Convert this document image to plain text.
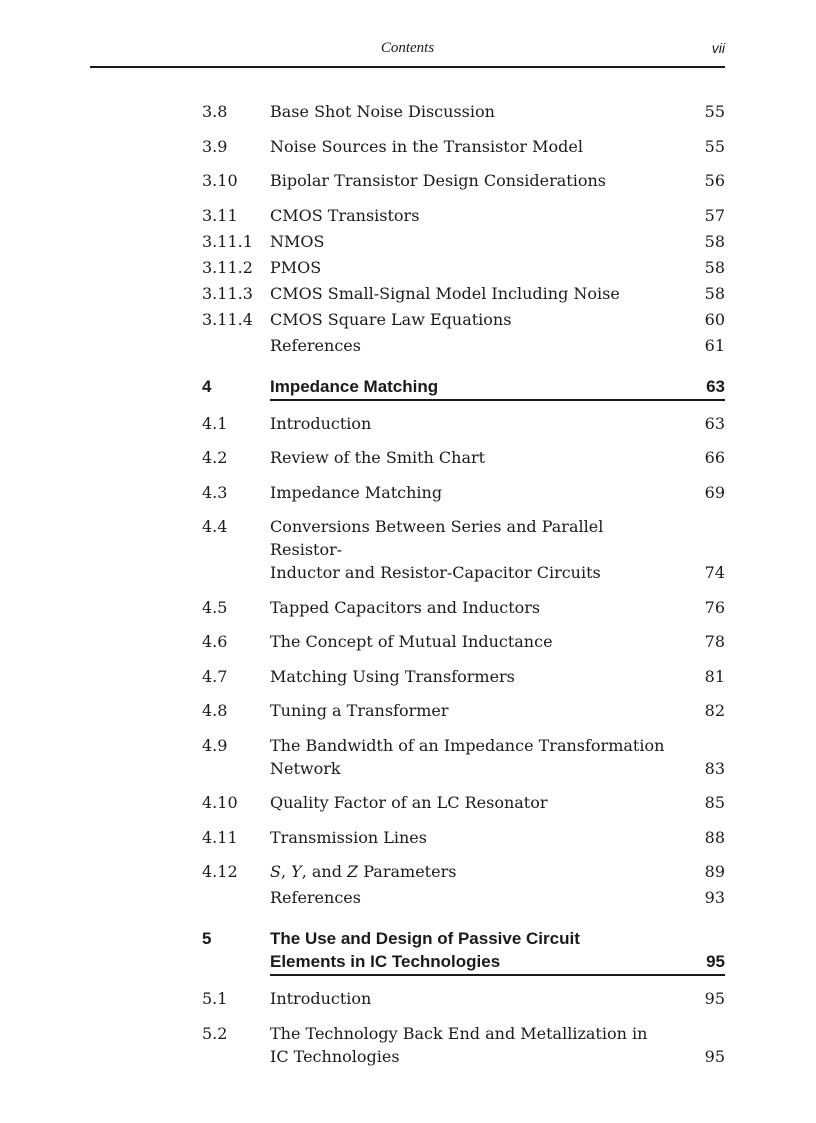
Contents	vii
3.8	Base Shot Noise Discussion	55
3.9	Noise Sources in the Transistor Model	55
3.10 Bipolar Transistor Design Considerations	56
3.11 CMOS Transistors	57
3.11.1 NMOS	58
3.11.2 PMOS	58
3.11.3 CMOS Small-Signal Model Including Noise	58
3.11.4 CMOS Square Law Equations	60
References	61
4	Impedance Matching	63
4.1	Introduction	63
4.2	Review of the Smith Chart	66
4.3	Impedance Matching	69
4.4	Conversions Between Series and Parallel Resistor-
Inductor and Resistor-Capacitor Circuits	74
4.5	Tapped Capacitors and Inductors	76
4.6	The Concept of Mutual Inductance	78
4.7	Matching Using Transformers	81
4.8	Tuning a Transformer	82
4.9	The Bandwidth of an Impedance Transformation
Network	83
4.10 Quality Factor of an LC Resonator	85
4.11 Transmission Lines	88
4.12 S, Y, and Z Parameters	89
References	93
5	The Use and Design of Passive Circuit
Elements in IC Technologies	95
5.1	Introduction	95
5.2	The Technology Back End and Metallization in
IC Technologies	95
